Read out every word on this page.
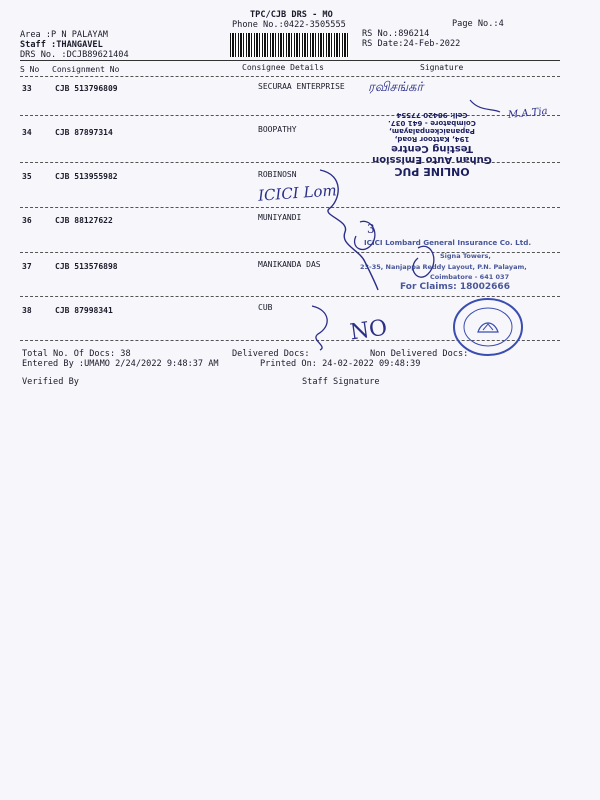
TPC/CJB DRS - MO
Phone No.:0422-3505555	Page No.:4
Area :P N PALAYAM
Staff :THANGAVEL
DRS No. :DCJB89621404
RS No.:896214
RS Date:24-Feb-2022
S No Consignment No	Consignee Details	Signature
33	CJB 513796809	SECURAA ENTERPRISE
34	CJB 87897314	BOOPATHY
35	CJB 513955982	ROBINOSN
36	CJB 88127622	MUNIYANDI
37	CJB 513576898	MANIKANDA DAS
38	CJB 87998341	CUB
Total No. Of Docs: 38	Delivered Docs:	Non Delivered Docs:
Entered By :UMAMO 2/24/2022 9:48:37 AM	Printed On: 24-02-2022 09:48:39
Verified By	Staff Signature
ரவிசங்கர்
M.A.Tia
ICICI Lom
NO
3
ONLINE PUC
Guhan Auto Emission
Testing Centre
194, Kattoor Road, Papanaickenpalayam,
Coimbatore - 641 037.
Cell: 98420 77554
ICICI Lombard General Insurance Co. Ltd.
Signa Towers,
23-35, Nanjappa Reddy Layout, P.N. Palayam,
Coimbatore - 641 037
For Claims: 18002666
